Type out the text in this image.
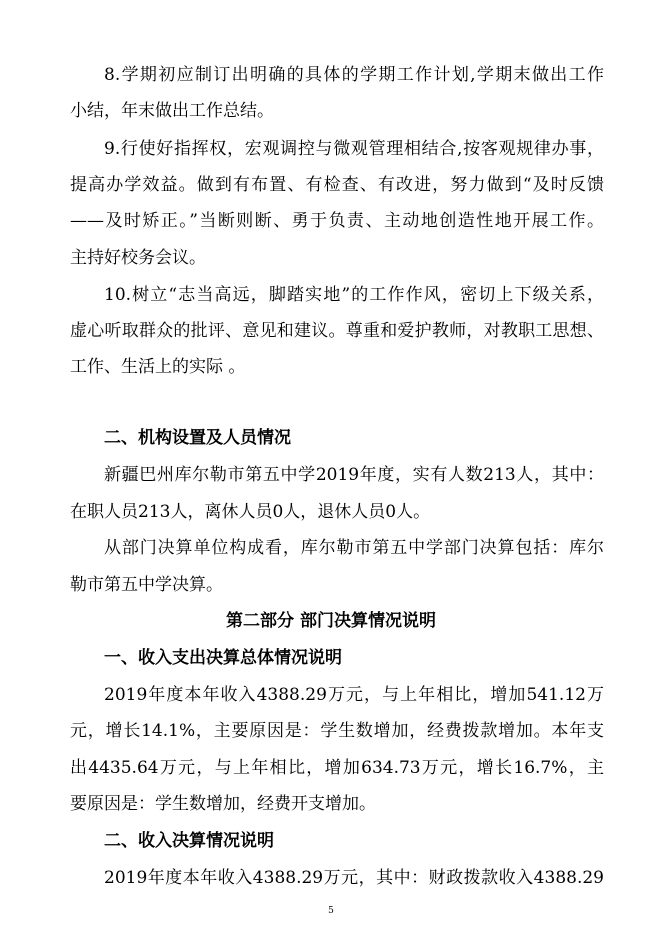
8.学期初应制订出明确的具体的学期工作计划,学期末做出工作
小结，年末做出工作总结。
9.行使好指挥权，宏观调控与微观管理相结合,按客观规律办事，
提高办学效益。做到有布置、有检查、有改进，努力做到“及时反馈
——及时矫正。”当断则断、勇于负责、主动地创造性地开展工作。
主持好校务会议。
10.树立“志当高远，脚踏实地”的工作作风，密切上下级关系，
虚心听取群众的批评、意见和建议。尊重和爱护教师，对教职工思想、
工作、生活上的实际 。
二、机构设置及人员情况
新疆巴州库尔勒市第五中学2019年度，实有人数213人，其中：
在职人员213人，离休人员0人，退休人员0人。
从部门决算单位构成看，库尔勒市第五中学部门决算包括：库尔
勒市第五中学决算。
第二部分 部门决算情况说明
一、收入支出决算总体情况说明
2019年度本年收入4388.29万元，与上年相比，增加541.12万
元，增长14.1%，主要原因是：学生数增加，经费拨款增加。本年支
出4435.64万元，与上年相比，增加634.73万元，增长16.7%，主
要原因是：学生数增加，经费开支增加。
二、收入决算情况说明
2019年度本年收入4388.29万元，其中：财政拨款收入4388.29
5
